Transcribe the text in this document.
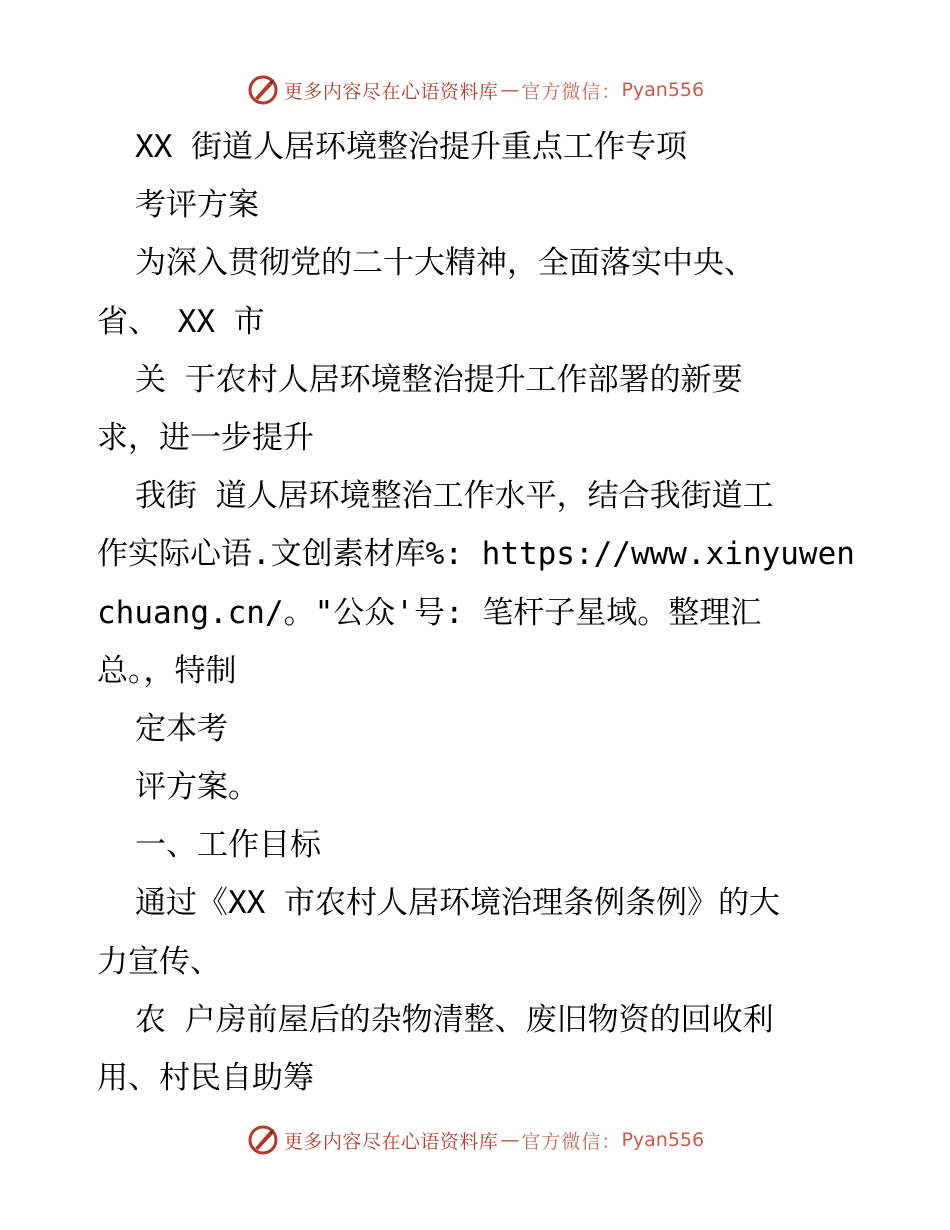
更多内容尽在心语资料库 — 官方微信： Pyan556
XX 街道人居环境整治提升重点工作专项
考评方案
为深入贯彻党的二十大精神，全面落实中央、
省、 XX 市
关 于农村人居环境整治提升工作部署的新要
求，进一步提升
我街 道人居环境整治工作水平，结合我街道工
作实际心语.文创素材库%: https://www.xinyuwen
chuang.cn/。"公众'号: 笔杆子星域。整理汇
总。，特制
定本考
评方案。
一、工作目标
通过《XX 市农村人居环境治理条例条例》的大
力宣传、
农 户房前屋后的杂物清整、废旧物资的回收利
用、村民自助筹
更多内容尽在心语资料库 — 官方微信： Pyan556
